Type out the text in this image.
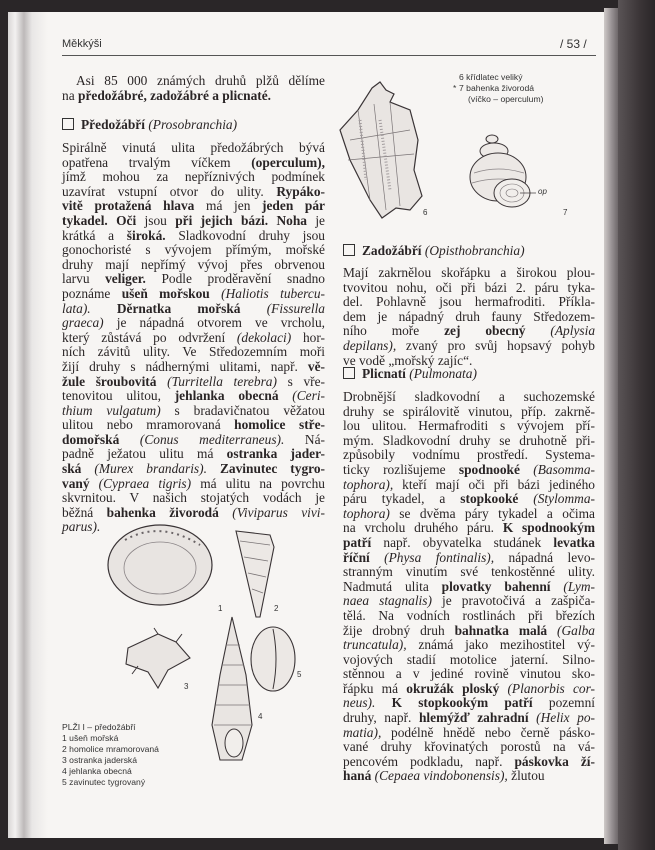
Měkkýši	/ 53 /
Asi 85 000 známých druhů plžů dělíme
na předožábré, zadožábré a plicnaté.
Předožábří (Prosobranchia)
Spirálně vinutá ulita předožábrých bývá
opatřena trvalým víčkem (operculum),
jímž mohou za nepříznivých podmínek
uzavírat vstupní otvor do ulity. Rypáko-
vitě protažená hlava má jen jeden pár
tykadel. Oči jsou při jejich bázi. Noha je
krátká a široká. Sladkovodní druhy jsou
gonochoristé s vývojem přímým, mořské
druhy mají nepřímý vývoj přes obrvenou
larvu veliger. Podle proděravění snadno
poznáme ušeň mořskou (Haliotis tubercu-
lata). Děrnatka mořská (Fissurella
graeca) je nápadná otvorem ve vrcholu,
který zůstává po odvržení (dekolaci) hor-
ních závitů ulity. Ve Středozemním moři
žijí druhy s nádhernými ulitami, např. vě-
žule šroubovitá (Turritella terebra) s vře-
tenovitou ulitou, jehlanka obecná (Ceri-
thium vulgatum) s bradavičnatou věžatou
ulitou nebo mramorovaná homolice stře-
domořská (Conus mediterraneus). Ná-
padně ježatou ulitu má ostranka jader-
ská (Murex brandaris). Zavinutec tygro-
vaný (Cypraea tigris) má ulitu na povrchu
skvrnitou. V našich stojatých vodách je
běžná bahenka živorodá (Viviparus vivi-
parus).
Zadožábří (Opisthobranchia)
Mají zakrnělou skořápku a širokou plou-
tvovitou nohu, oči při bázi 2. páru tyka-
del. Pohlavně jsou hermafroditi. Příkla-
dem je nápadný druh fauny Středozem-
ního moře zej obecný (Aplysia
depilans), zvaný pro svůj hopsavý pohyb
ve vodě „mořský zajíc“.
Plicnatí (Pulmonata)
Drobnější sladkovodní a suchozemské
druhy se spirálovitě vinutou, příp. zakrně-
lou ulitou. Hermafroditi s vývojem pří-
mým. Sladkovodní druhy se druhotně při-
způsobily vodnímu prostředí. Systema-
ticky rozlišujeme spodnooké (Basomma-
tophora), kteří mají oči při bázi jediného
páru tykadel, a stopkooké (Stylomma-
tophora) se dvěma páry tykadel a očima
na vrcholu druhého páru. K spodnookým
patří např. obyvatelka studánek levatka
říční (Physa fontinalis), nápadná levo-
stranným vinutím své tenkostěnné ulity.
Nadmutá ulita plovatky bahenní (Lym-
naea stagnalis) je pravotočivá a zašpiča-
tělá. Na vodních rostlinách při březích
žije drobný druh bahnatka malá (Galba
truncatula), známá jako mezihostitel vý-
vojových stadií motolice jaterní. Silno-
stěnnou a v jediné rovině vinutou sko-
řápku má okružák ploský (Planorbis cor-
neus). K stopkookým patří pozemní
druhy, např. hlemýžď zahradní (Helix po-
matia), podélně hnědě nebo černě pásko-
vané druhy křovinatých porostů na vá-
pencovém podkladu, např. páskovka ží-
haná (Cepaea vindobonensis), žlutou
6 křídlatec veliký
* 7 bahenka živorodá
(víčko – operculum)
6
op
7
1	2
3
5
4
PLŽI I – předožábří
1 ušeň mořská
2 homolice mramorovaná
3 ostranka jaderská
4 jehlanka obecná
5 zavinutec tygrovaný
